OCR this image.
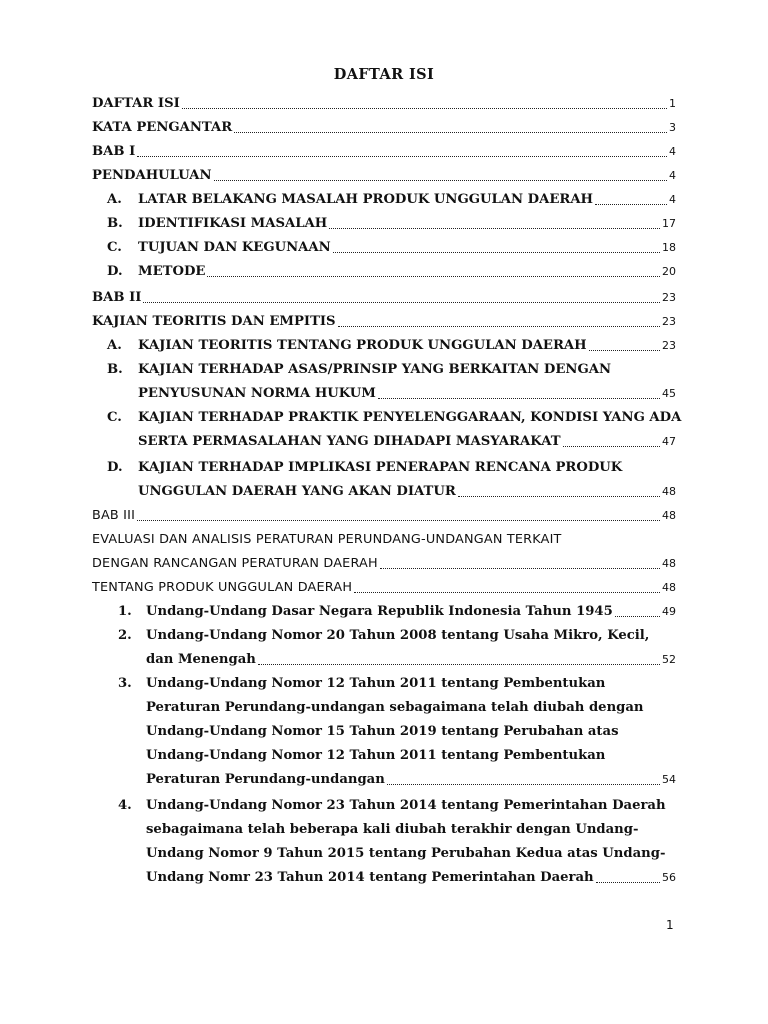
DAFTAR ISI
DAFTAR ISI	1
KATA PENGANTAR	3
BAB I	4
PENDAHULUAN	4
A. LATAR BELAKANG MASALAH PRODUK UNGGULAN DAERAH	4
B. IDENTIFIKASI MASALAH	17
C. TUJUAN DAN KEGUNAAN	18
D. METODE	20
BAB II	23
KAJIAN TEORITIS DAN EMPITIS	23
A. KAJIAN TEORITIS TENTANG PRODUK UNGGULAN DAERAH	23
B. KAJIAN TERHADAP ASAS/PRINSIP YANG BERKAITAN DENGAN
PENYUSUNAN NORMA HUKUM	45
C. KAJIAN TERHADAP PRAKTIK PENYELENGGARAAN, KONDISI YANG ADA
SERTA PERMASALAHAN YANG DIHADAPI MASYARAKAT	47
D. KAJIAN TERHADAP IMPLIKASI PENERAPAN RENCANA PRODUK
UNGGULAN DAERAH YANG AKAN DIATUR	48
BAB III	48
EVALUASI DAN ANALISIS PERATURAN PERUNDANG-UNDANGAN TERKAIT
DENGAN RANCANGAN PERATURAN DAERAH	48
TENTANG PRODUK UNGGULAN DAERAH	48
1. Undang-Undang Dasar Negara Republik Indonesia Tahun 1945	49
2. Undang-Undang Nomor 20 Tahun 2008 tentang Usaha Mikro, Kecil,
dan Menengah	52
3. Undang-Undang Nomor 12 Tahun 2011 tentang Pembentukan
Peraturan Perundang-undangan sebagaimana telah diubah dengan
Undang-Undang Nomor 15 Tahun 2019 tentang Perubahan atas
Undang-Undang Nomor 12 Tahun 2011 tentang Pembentukan
Peraturan Perundang-undangan	54
4. Undang-Undang Nomor 23 Tahun 2014 tentang Pemerintahan Daerah
sebagaimana telah beberapa kali diubah terakhir dengan Undang-
Undang Nomor 9 Tahun 2015 tentang Perubahan Kedua atas Undang-
Undang Nomr 23 Tahun 2014 tentang Pemerintahan Daerah	56
1
